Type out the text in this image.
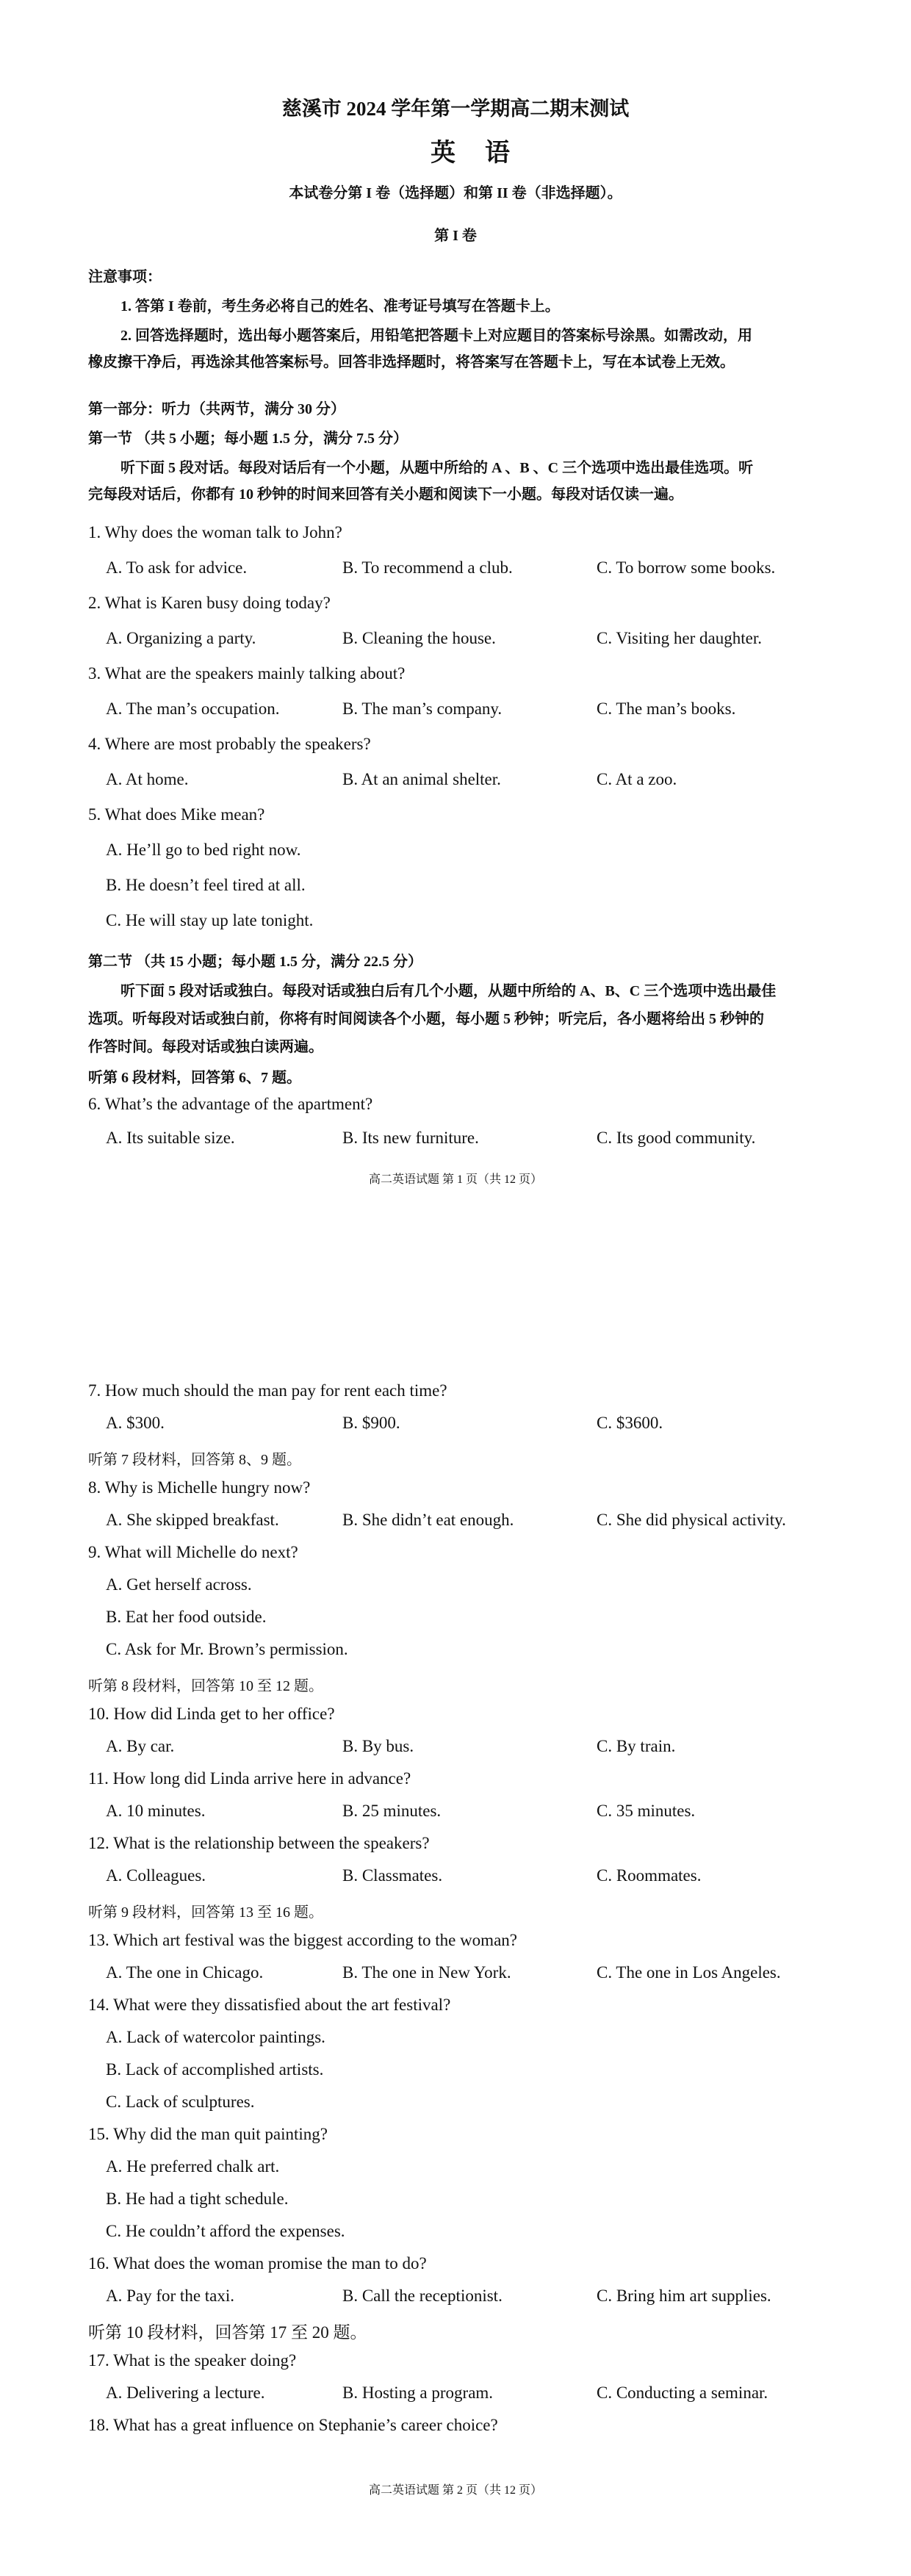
慈溪市 2024 学年第一学期高二期末测试
英语
本试卷分第 I 卷（选择题）和第 II 卷（非选择题）。
第 I 卷
注意事项：
1. 答第 I 卷前，考生务必将自己的姓名、准考证号填写在答题卡上。
2. 回答选择题时，选出每小题答案后，用铅笔把答题卡上对应题目的答案标号涂黑。如需改动，用
橡皮擦干净后，再选涂其他答案标号。回答非选择题时，将答案写在答题卡上，写在本试卷上无效。
第一部分：听力（共两节，满分 30 分）
第一节 （共 5 小题；每小题 1.5 分，满分 7.5 分）
听下面 5 段对话。每段对话后有一个小题，从题中所给的 A 、B 、C 三个选项中选出最佳选项。听
完每段对话后，你都有 10 秒钟的时间来回答有关小题和阅读下一小题。每段对话仅读一遍。
1. Why does the woman talk to John?
A. To ask for advice.	B. To recommend a club.	C. To borrow some books.
2. What is Karen busy doing today?
A. Organizing a party.	B. Cleaning the house.	C. Visiting her daughter.
3. What are the speakers mainly talking about?
A. The man’s occupation.	B. The man’s company.	C. The man’s books.
4. Where are most probably the speakers?
A. At home.	B. At an animal shelter.	C. At a zoo.
5. What does Mike mean?
A. He’ll go to bed right now.
B. He doesn’t feel tired at all.
C. He will stay up late tonight.
第二节 （共 15 小题；每小题 1.5 分，满分 22.5 分）
听下面 5 段对话或独白。每段对话或独白后有几个小题，从题中所给的 A、B、C 三个选项中选出最佳
选项。听每段对话或独白前，你将有时间阅读各个小题，每小题 5 秒钟；听完后，各小题将给出 5 秒钟的
作答时间。每段对话或独白读两遍。
听第 6 段材料，回答第 6、7 题。
6. What’s the advantage of the apartment?
A. Its suitable size.	B. Its new furniture.	C. Its good community.
高二英语试题 第 1 页（共 12 页）
7. How much should the man pay for rent each time?
A. $300.	B. $900.	C. $3600.
听第 7 段材料，回答第 8、9 题。
8. Why is Michelle hungry now?
A. She skipped breakfast.	B. She didn’t eat enough.	C. She did physical activity.
9. What will Michelle do next?
A. Get herself across.
B. Eat her food outside.
C. Ask for Mr. Brown’s permission.
听第 8 段材料，回答第 10 至 12 题。
10. How did Linda get to her office?
A. By car.	B. By bus.	C. By train.
11. How long did Linda arrive here in advance?
A. 10 minutes.	B. 25 minutes.	C. 35 minutes.
12. What is the relationship between the speakers?
A. Colleagues.	B. Classmates.	C. Roommates.
听第 9 段材料，回答第 13 至 16 题。
13. Which art festival was the biggest according to the woman?
A. The one in Chicago.	B. The one in New York.	C. The one in Los Angeles.
14. What were they dissatisfied about the art festival?
A. Lack of watercolor paintings.
B. Lack of accomplished artists.
C. Lack of sculptures.
15. Why did the man quit painting?
A. He preferred chalk art.
B. He had a tight schedule.
C. He couldn’t afford the expenses.
16. What does the woman promise the man to do?
A. Pay for the taxi.	B. Call the receptionist.	C. Bring him art supplies.
听第 10 段材料，回答第 17 至 20 题。
17. What is the speaker doing?
A. Delivering a lecture.	B. Hosting a program.	C. Conducting a seminar.
18. What has a great influence on Stephanie’s career choice?
高二英语试题 第 2 页（共 12 页）
